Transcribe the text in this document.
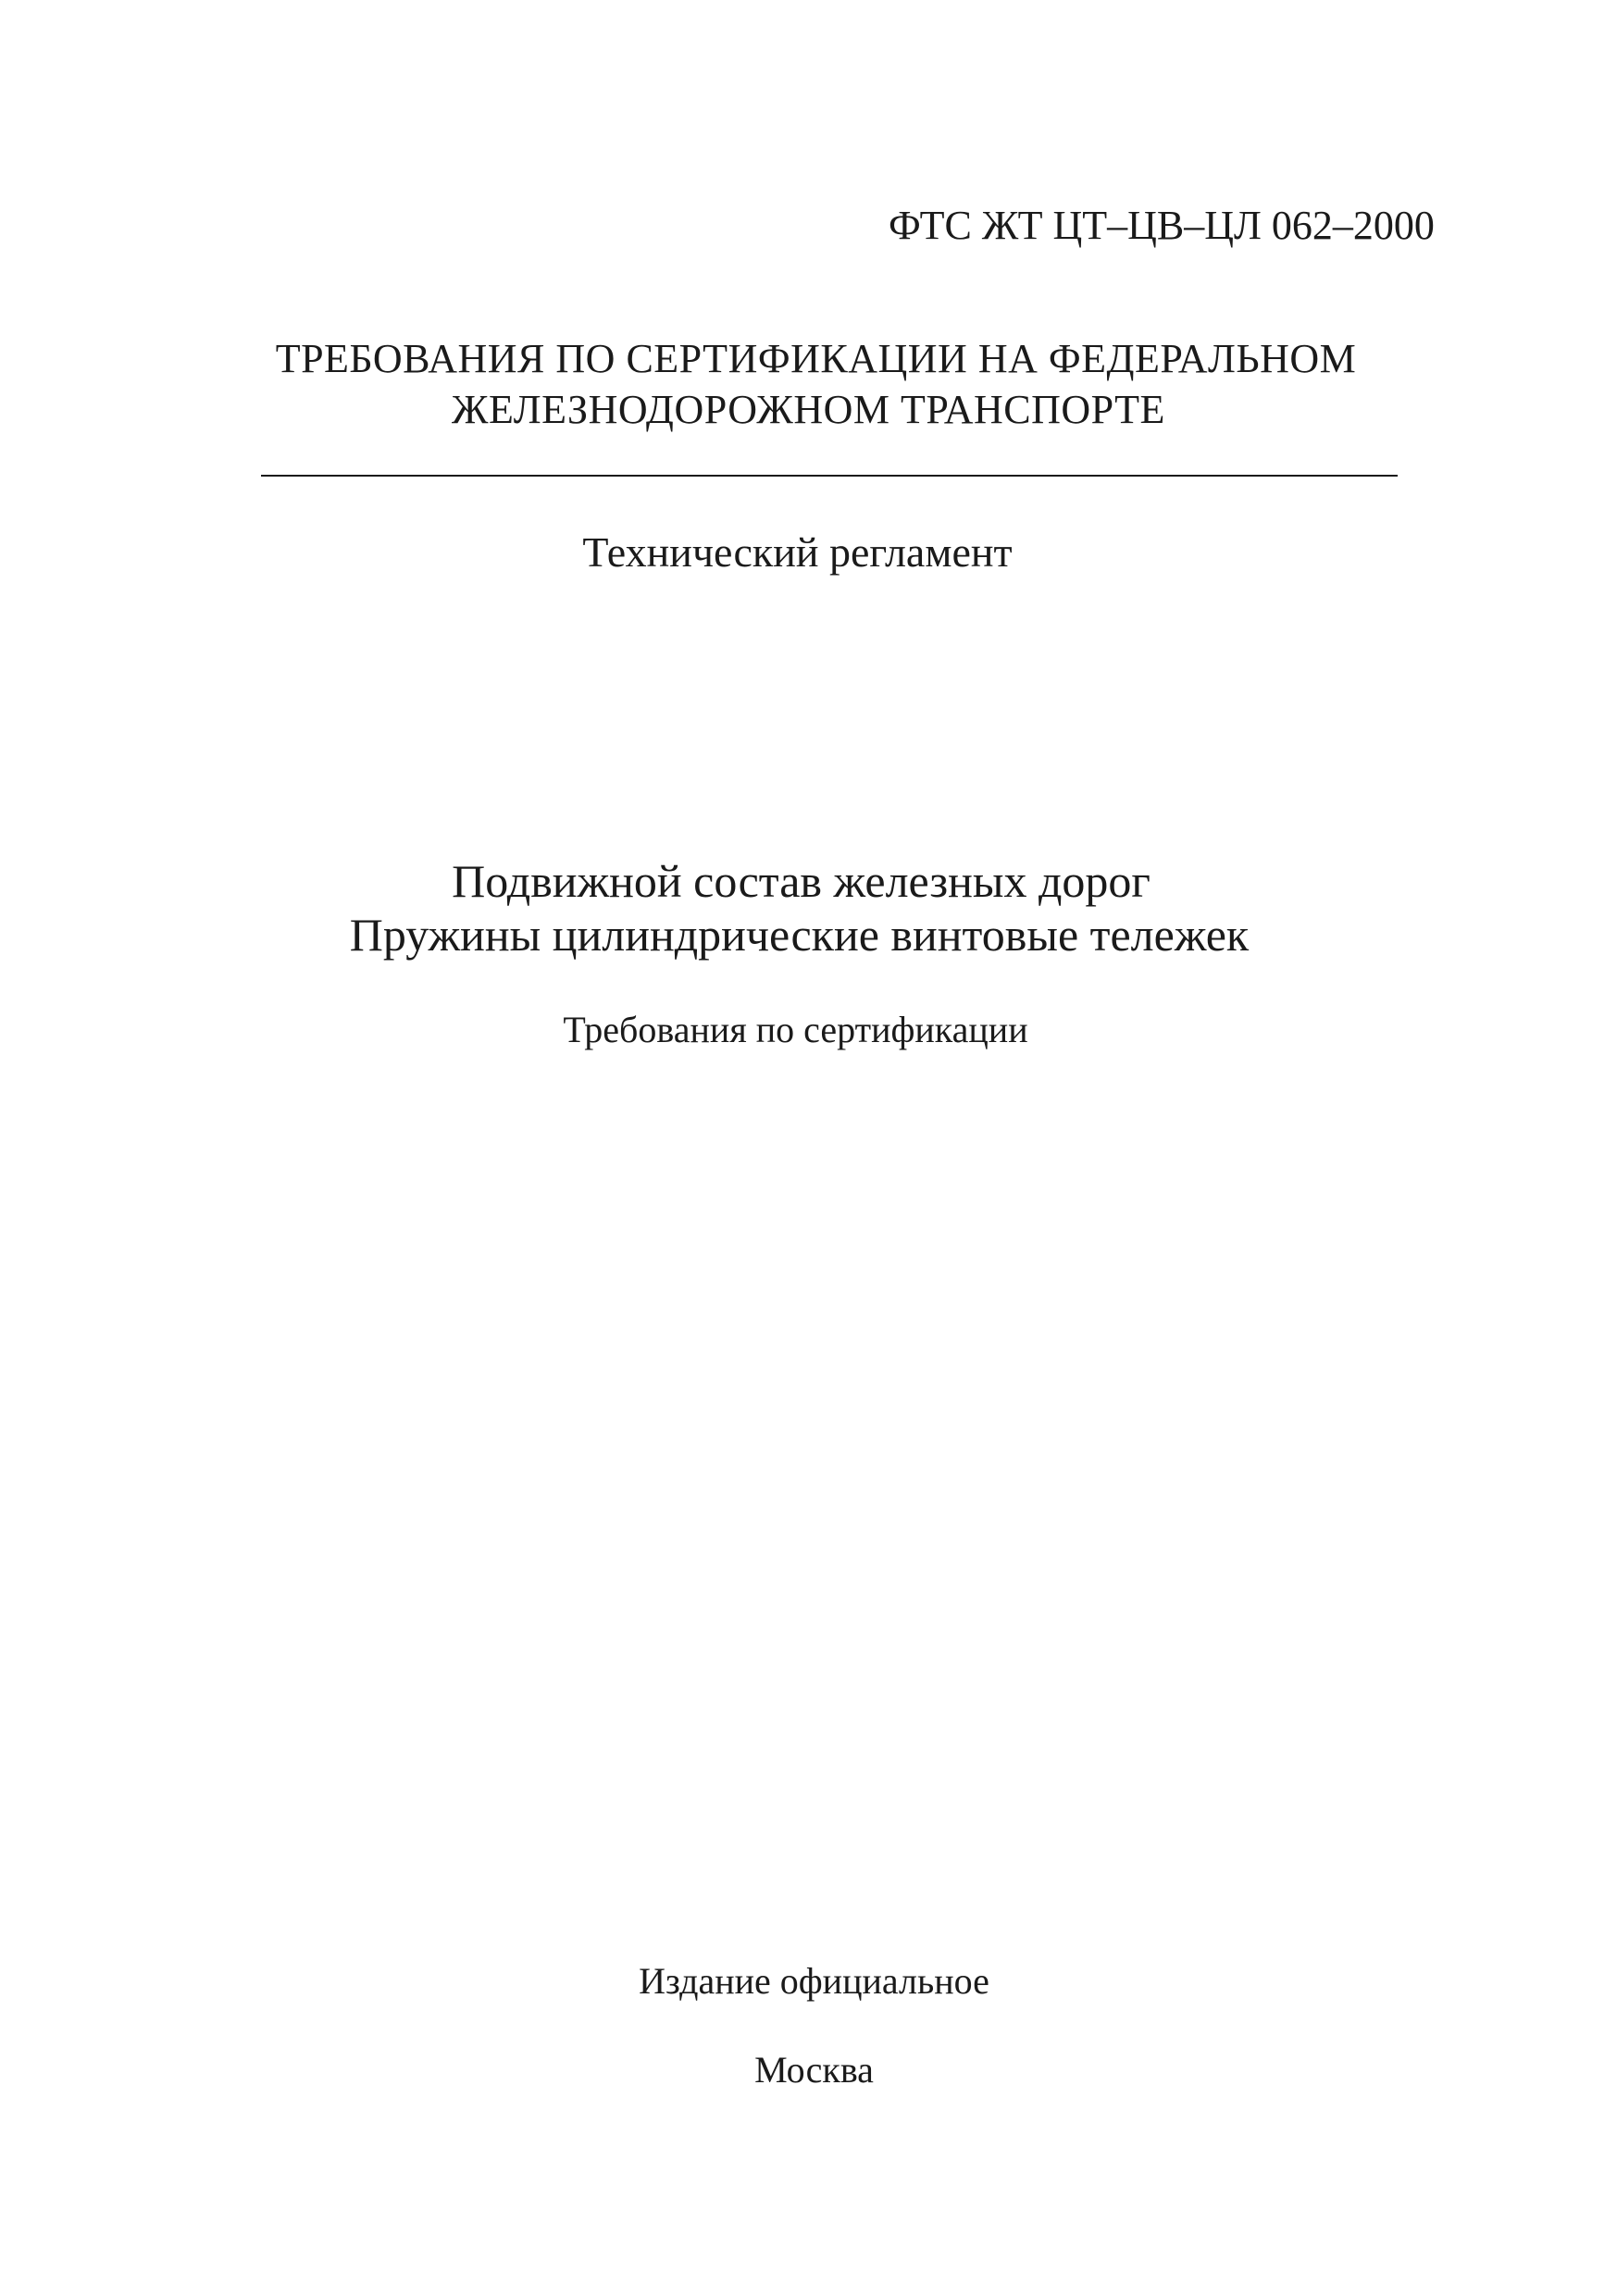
ФТС ЖТ ЦТ–ЦВ–ЦЛ 062–2000
ТРЕБОВАНИЯ ПО СЕРТИФИКАЦИИ НА ФЕДЕРАЛЬНОМ
ЖЕЛЕЗНОДОРОЖНОМ ТРАНСПОРТЕ
Технический регламент
Подвижной состав железных дорог
Пружины цилиндрические винтовые тележек
Требования по сертификации
Издание официальное
Москва
